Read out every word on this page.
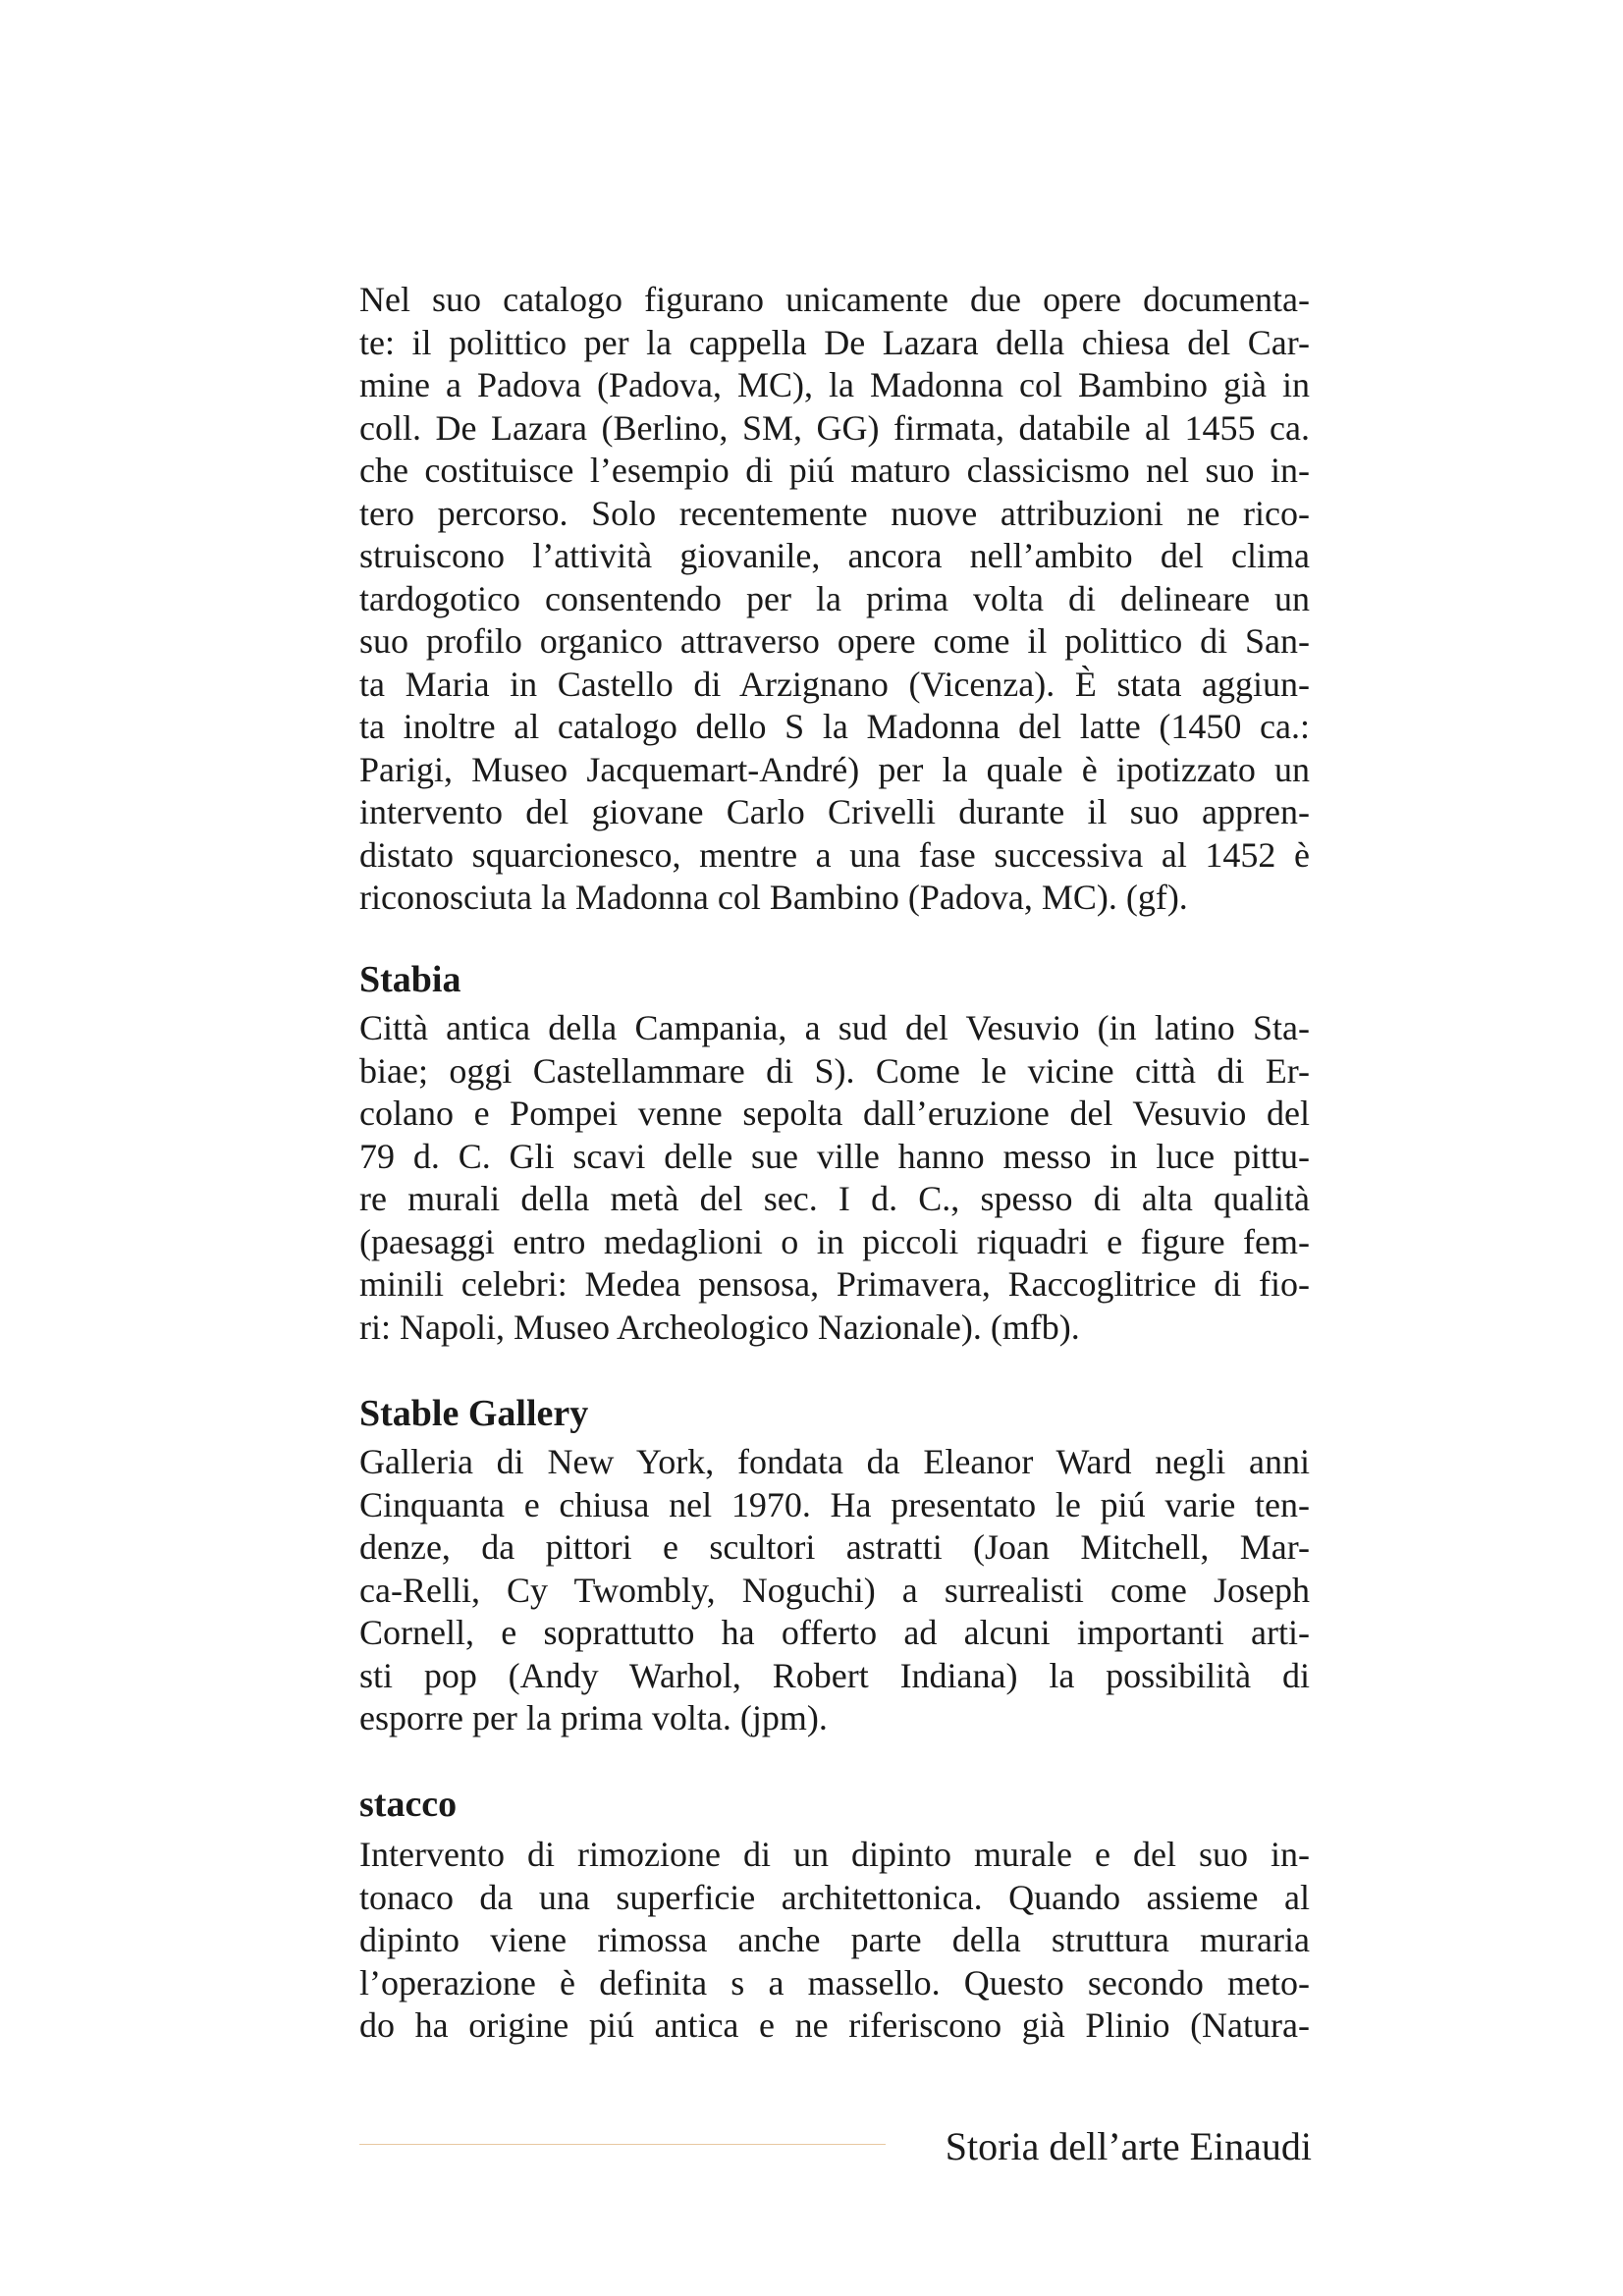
Nel suo catalogo figurano unicamente due opere documenta-
te: il polittico per la cappella De Lazara della chiesa del Car-
mine a Padova (Padova, MC), la Madonna col Bambino già in
coll. De Lazara (Berlino, SM, GG) firmata, databile al 1455 ca.
che costituisce l’esempio di piú maturo classicismo nel suo in-
tero percorso. Solo recentemente nuove attribuzioni ne rico-
struiscono l’attività giovanile, ancora nell’ambito del clima
tardogotico consentendo per la prima volta di delineare un
suo profilo organico attraverso opere come il polittico di San-
ta Maria in Castello di Arzignano (Vicenza). È stata aggiun-
ta inoltre al catalogo dello S la Madonna del latte (1450 ca.:
Parigi, Museo Jacquemart-André) per la quale è ipotizzato un
intervento del giovane Carlo Crivelli durante il suo appren-
distato squarcionesco, mentre a una fase successiva al 1452 è
riconosciuta la Madonna col Bambino (Padova, MC). (gf).
Stabia
Città antica della Campania, a sud del Vesuvio (in latino Sta-
biae; oggi Castellammare di S). Come le vicine città di Er-
colano e Pompei venne sepolta dall’eruzione del Vesuvio del
79 d. C. Gli scavi delle sue ville hanno messo in luce pittu-
re murali della metà del sec. I d. C., spesso di alta qualità
(paesaggi entro medaglioni o in piccoli riquadri e figure fem-
minili celebri: Medea pensosa, Primavera, Raccoglitrice di fio-
ri: Napoli, Museo Archeologico Nazionale). (mfb).
Stable Gallery
Galleria di New York, fondata da Eleanor Ward negli anni
Cinquanta e chiusa nel 1970. Ha presentato le piú varie ten-
denze, da pittori e scultori astratti (Joan Mitchell, Mar-
ca-Relli, Cy Twombly, Noguchi) a surrealisti come Joseph
Cornell, e soprattutto ha offerto ad alcuni importanti arti-
sti pop (Andy Warhol, Robert Indiana) la possibilità di
esporre per la prima volta. (jpm).
stacco
Intervento di rimozione di un dipinto murale e del suo in-
tonaco da una superficie architettonica. Quando assieme al
dipinto viene rimossa anche parte della struttura muraria
l’operazione è definita s a massello. Questo secondo meto-
do ha origine piú antica e ne riferiscono già Plinio (Natura-
Storia dell’arte Einaudi
